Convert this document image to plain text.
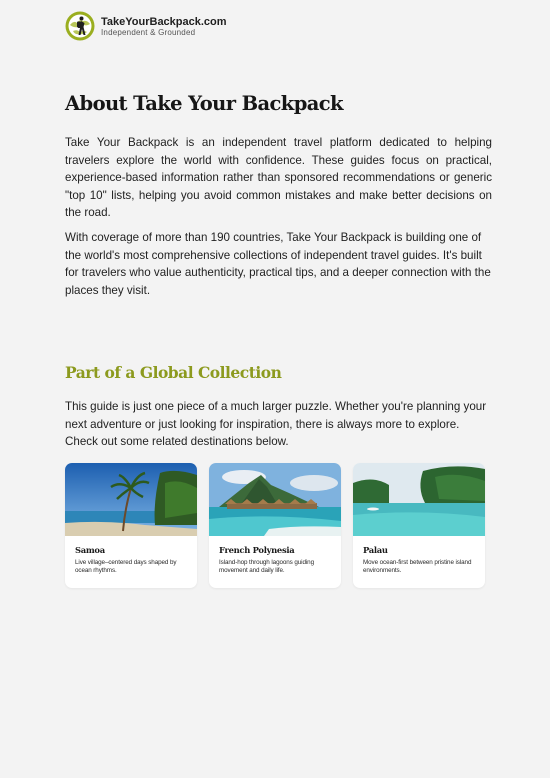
TakeYourBackpack.com
Independent & Grounded
About Take Your Backpack

Take Your Backpack is an independent travel platform dedicated to helping travelers explore the world with confidence. These guides focus on practical, experience-based information rather than sponsored recommendations or generic "top 10" lists, helping you avoid common mistakes and make better decisions on the road.

With coverage of more than 190 countries, Take Your Backpack is building one of the world's most comprehensive collections of independent travel guides. It's built for travelers who value authenticity, practical tips, and a deeper connection with the places they visit.

Part of a Global Collection

This guide is just one piece of a much larger puzzle. Whether you're planning your next adventure or just looking for inspiration, there is always more to explore. Check out some related destinations below.

Samoa
Live village–centered days shaped by ocean rhythms.
French Polynesia
Island-hop through lagoons guiding movement and daily life.
Palau
Move ocean-first between pristine island environments.
